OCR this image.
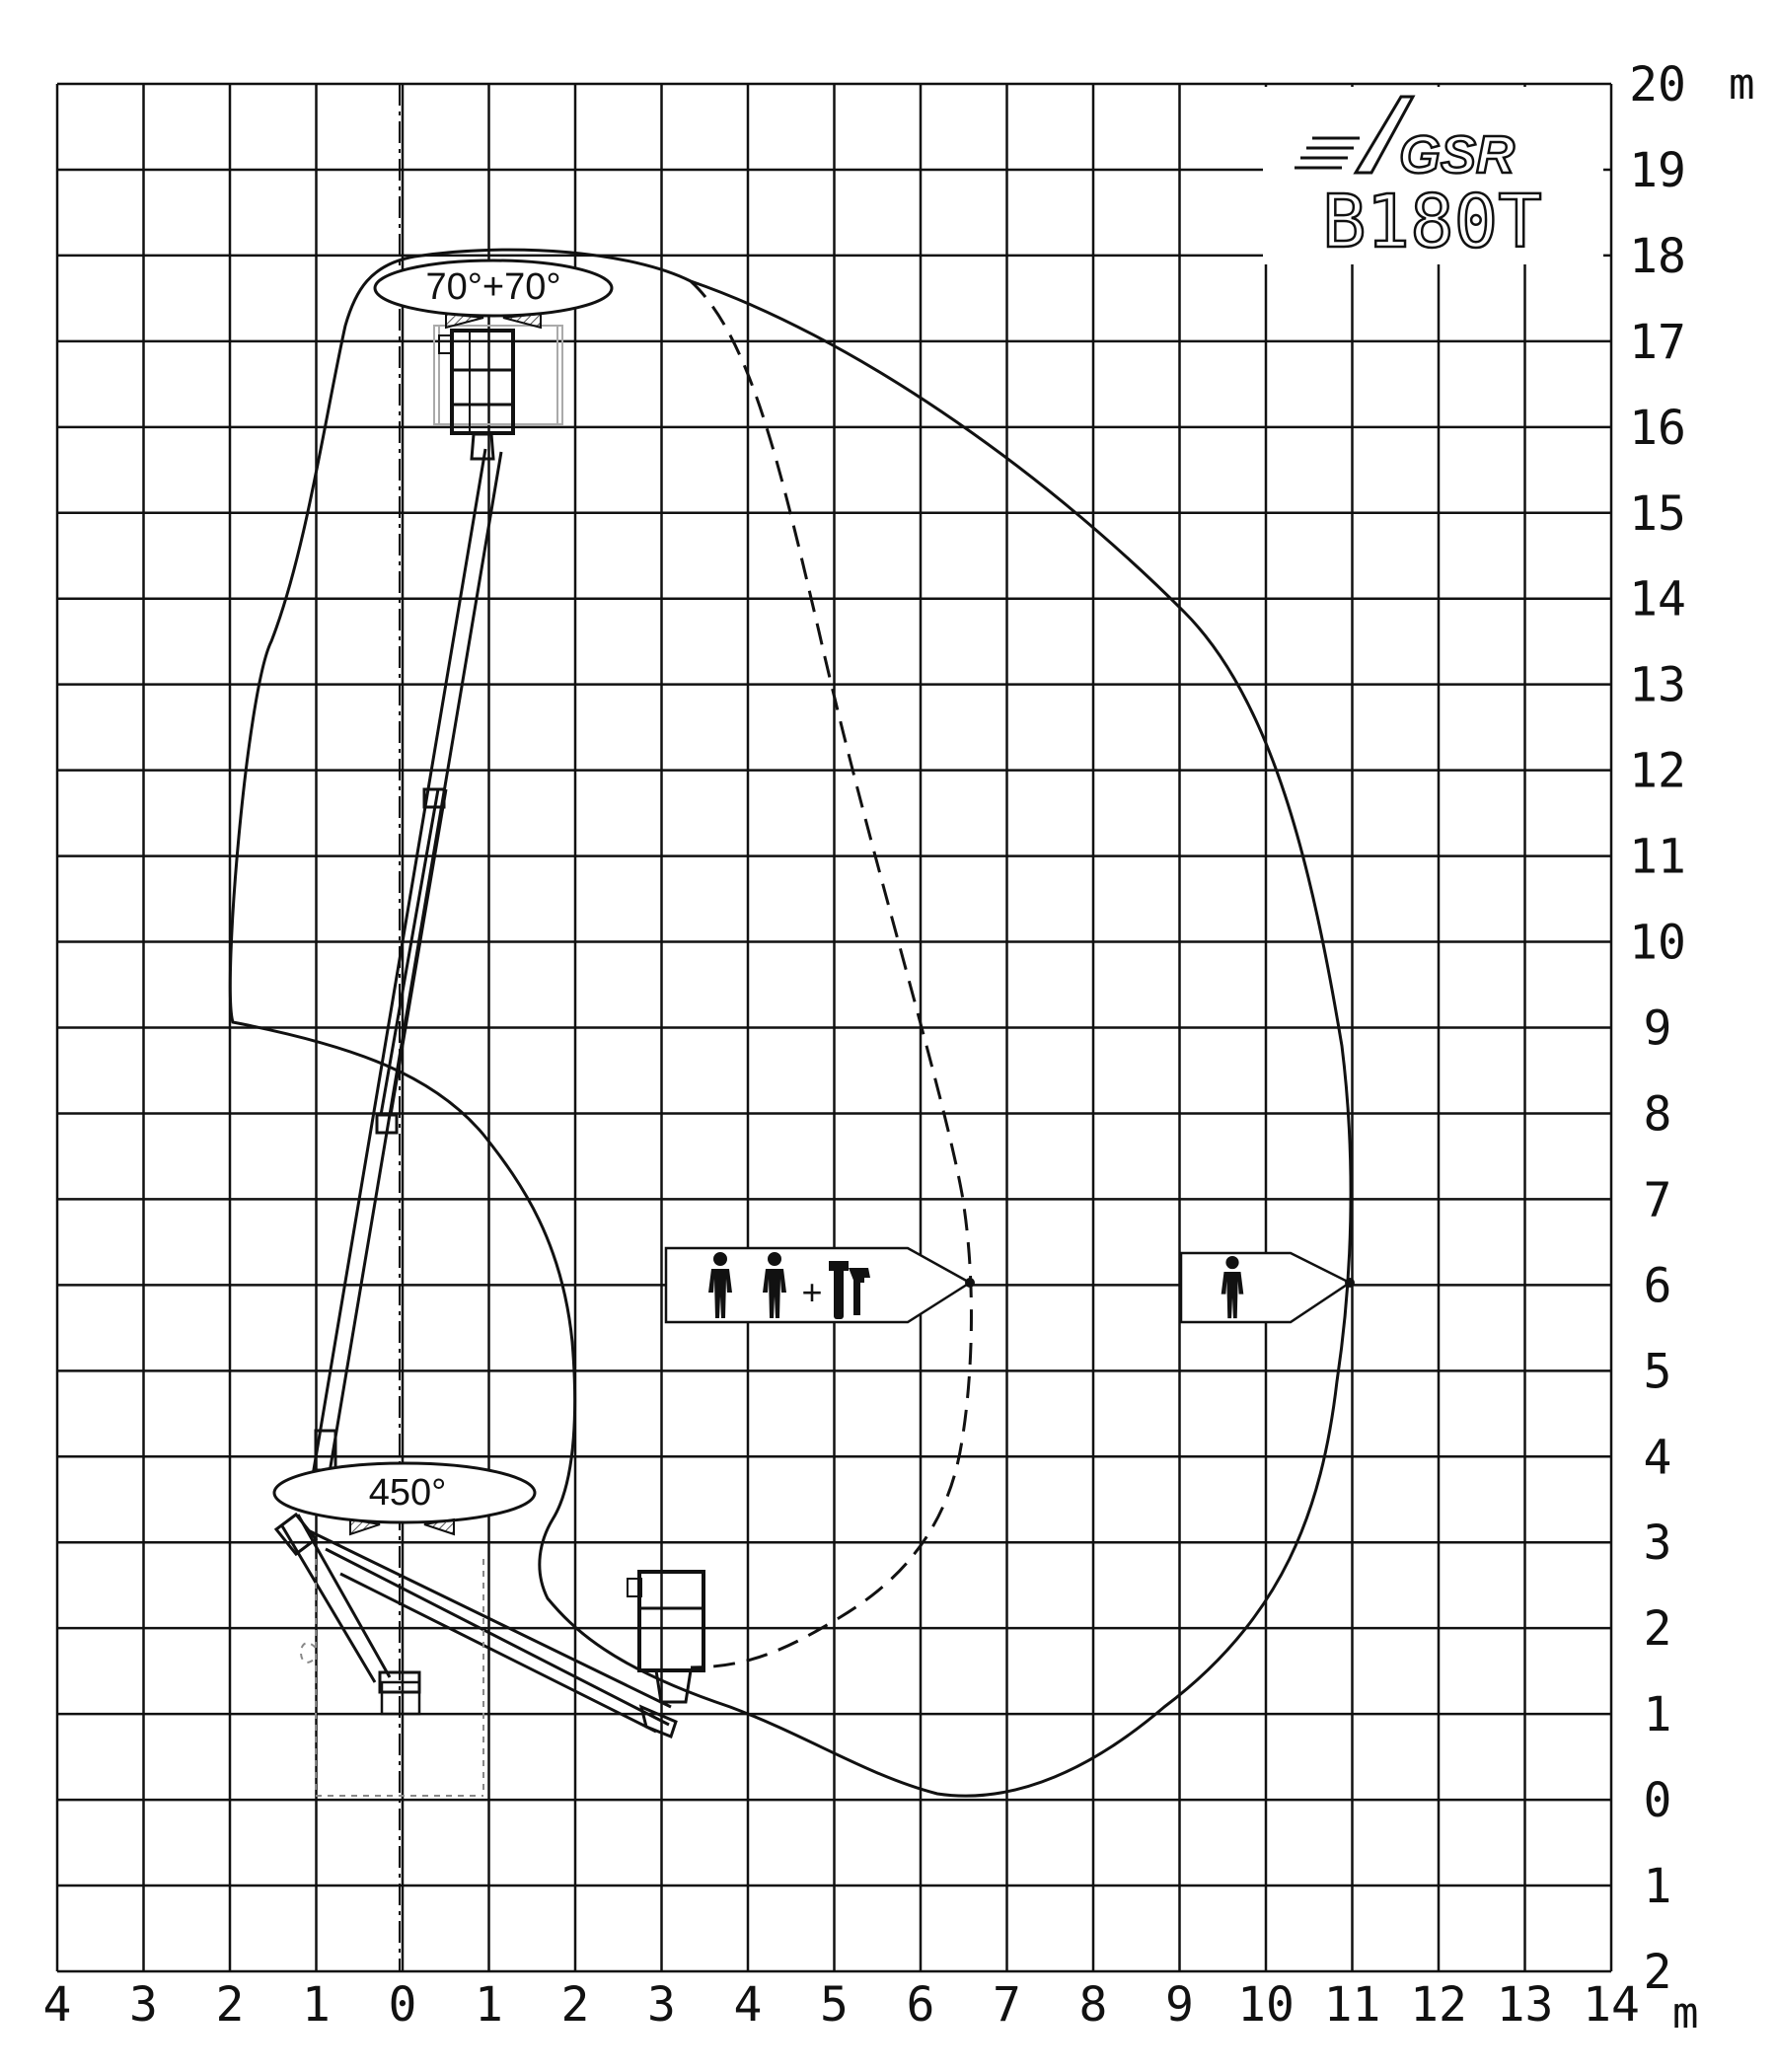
70°+70°
450°
+
GSR
B180T
20
19
18
17
16
15
14
13
12
11
10
9
8
7
6
5
4
3
2
1
0
1
2
4 3 2 1 0 1 2 3 4 5 6 7 8 9 10 11 12 13 14
m
m
